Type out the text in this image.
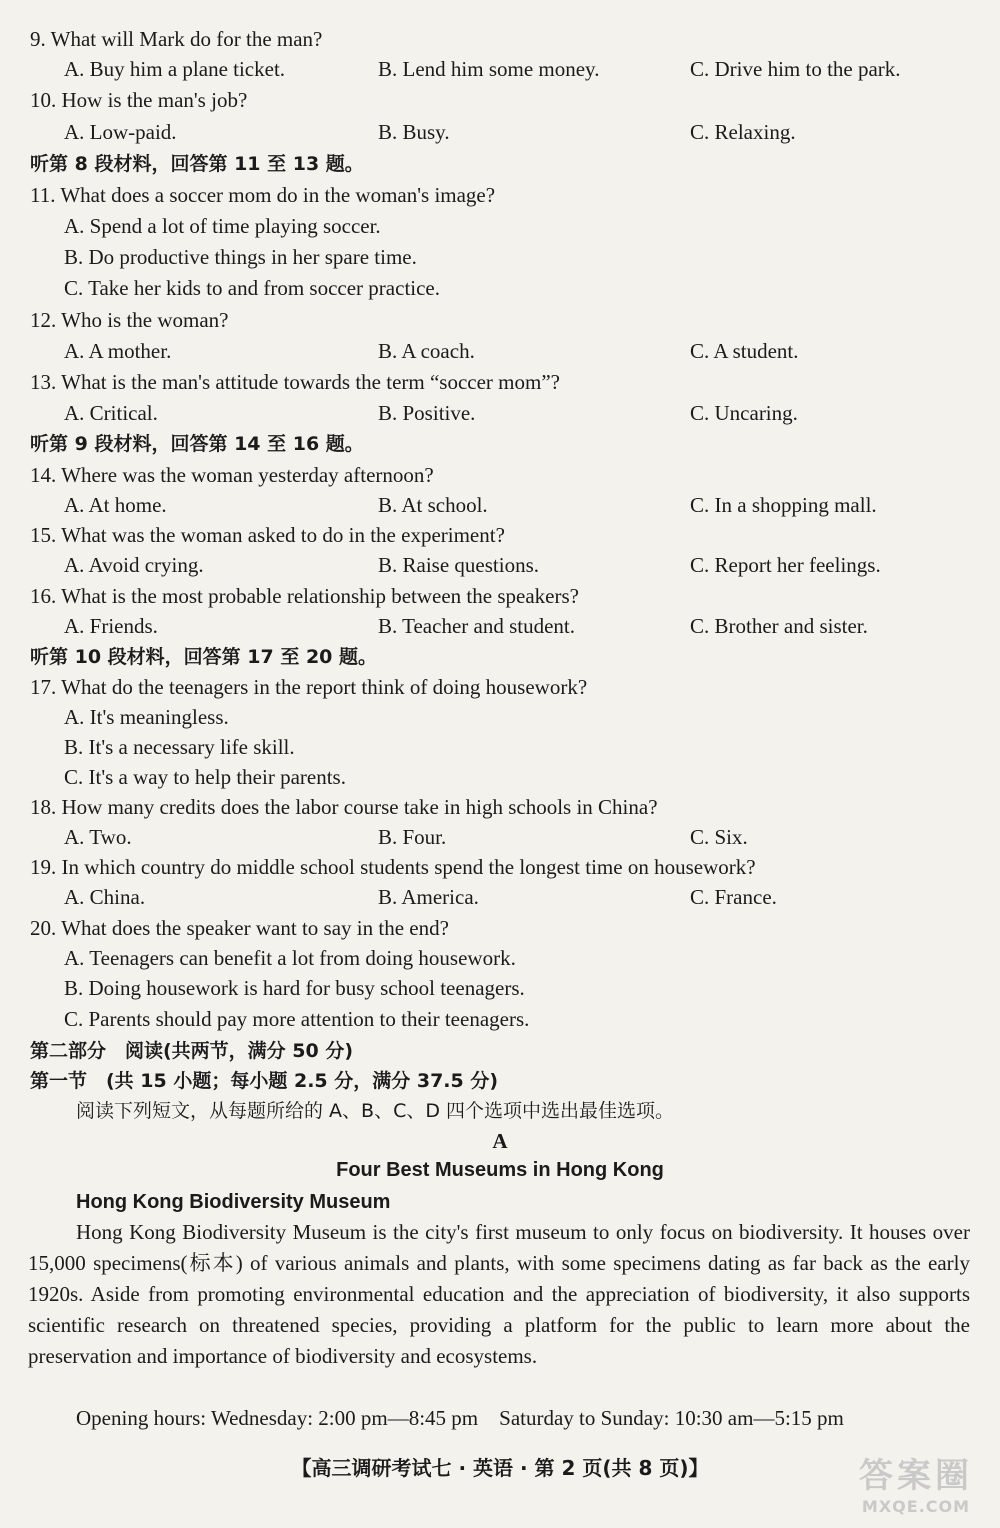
9. What will Mark do for the man?
A. Buy him a plane ticket.	B. Lend him some money.	C. Drive him to the park.
10. How is the man's job?
A. Low-paid.	B. Busy.	C. Relaxing.
听第 8 段材料，回答第 11 至 13 题。
11. What does a soccer mom do in the woman's image?
A. Spend a lot of time playing soccer.
B. Do productive things in her spare time.
C. Take her kids to and from soccer practice.
12. Who is the woman?
A. A mother.	B. A coach.	C. A student.
13. What is the man's attitude towards the term “soccer mom”?
A. Critical.	B. Positive.	C. Uncaring.
听第 9 段材料，回答第 14 至 16 题。
14. Where was the woman yesterday afternoon?
A. At home.	B. At school.	C. In a shopping mall.
15. What was the woman asked to do in the experiment?
A. Avoid crying.	B. Raise questions.	C. Report her feelings.
16. What is the most probable relationship between the speakers?
A. Friends.	B. Teacher and student.	C. Brother and sister.
听第 10 段材料，回答第 17 至 20 题。
17. What do the teenagers in the report think of doing housework?
A. It's meaningless.
B. It's a necessary life skill.
C. It's a way to help their parents.
18. How many credits does the labor course take in high schools in China?
A. Two.	B. Four.	C. Six.
19. In which country do middle school students spend the longest time on housework?
A. China.	B. America.	C. France.
20. What does the speaker want to say in the end?
A. Teenagers can benefit a lot from doing housework.
B. Doing housework is hard for busy school teenagers.
C. Parents should pay more attention to their teenagers.
第二部分　阅读(共两节，满分 50 分)
第一节　(共 15 小题；每小题 2.5 分，满分 37.5 分)
阅读下列短文，从每题所给的 A、B、C、D 四个选项中选出最佳选项。
A
Four Best Museums in Hong Kong
Hong Kong Biodiversity Museum
Hong Kong Biodiversity Museum is the city's first museum to only focus on biodiversity. It houses over 15,000 specimens(标本) of various animals and plants, with some specimens dating as far back as the early 1920s. Aside from promoting environmental education and the appreciation of biodiversity, it also supports scientific research on threatened species, providing a platform for the public to learn more about the preservation and importance of biodiversity and ecosystems.
Opening hours: Wednesday: 2:00 pm—8:45 pm　Saturday to Sunday: 10:30 am—5:15 pm
【高三调研考试七 · 英语 · 第 2 页(共 8 页)】	答案圈
MXQE.COM
